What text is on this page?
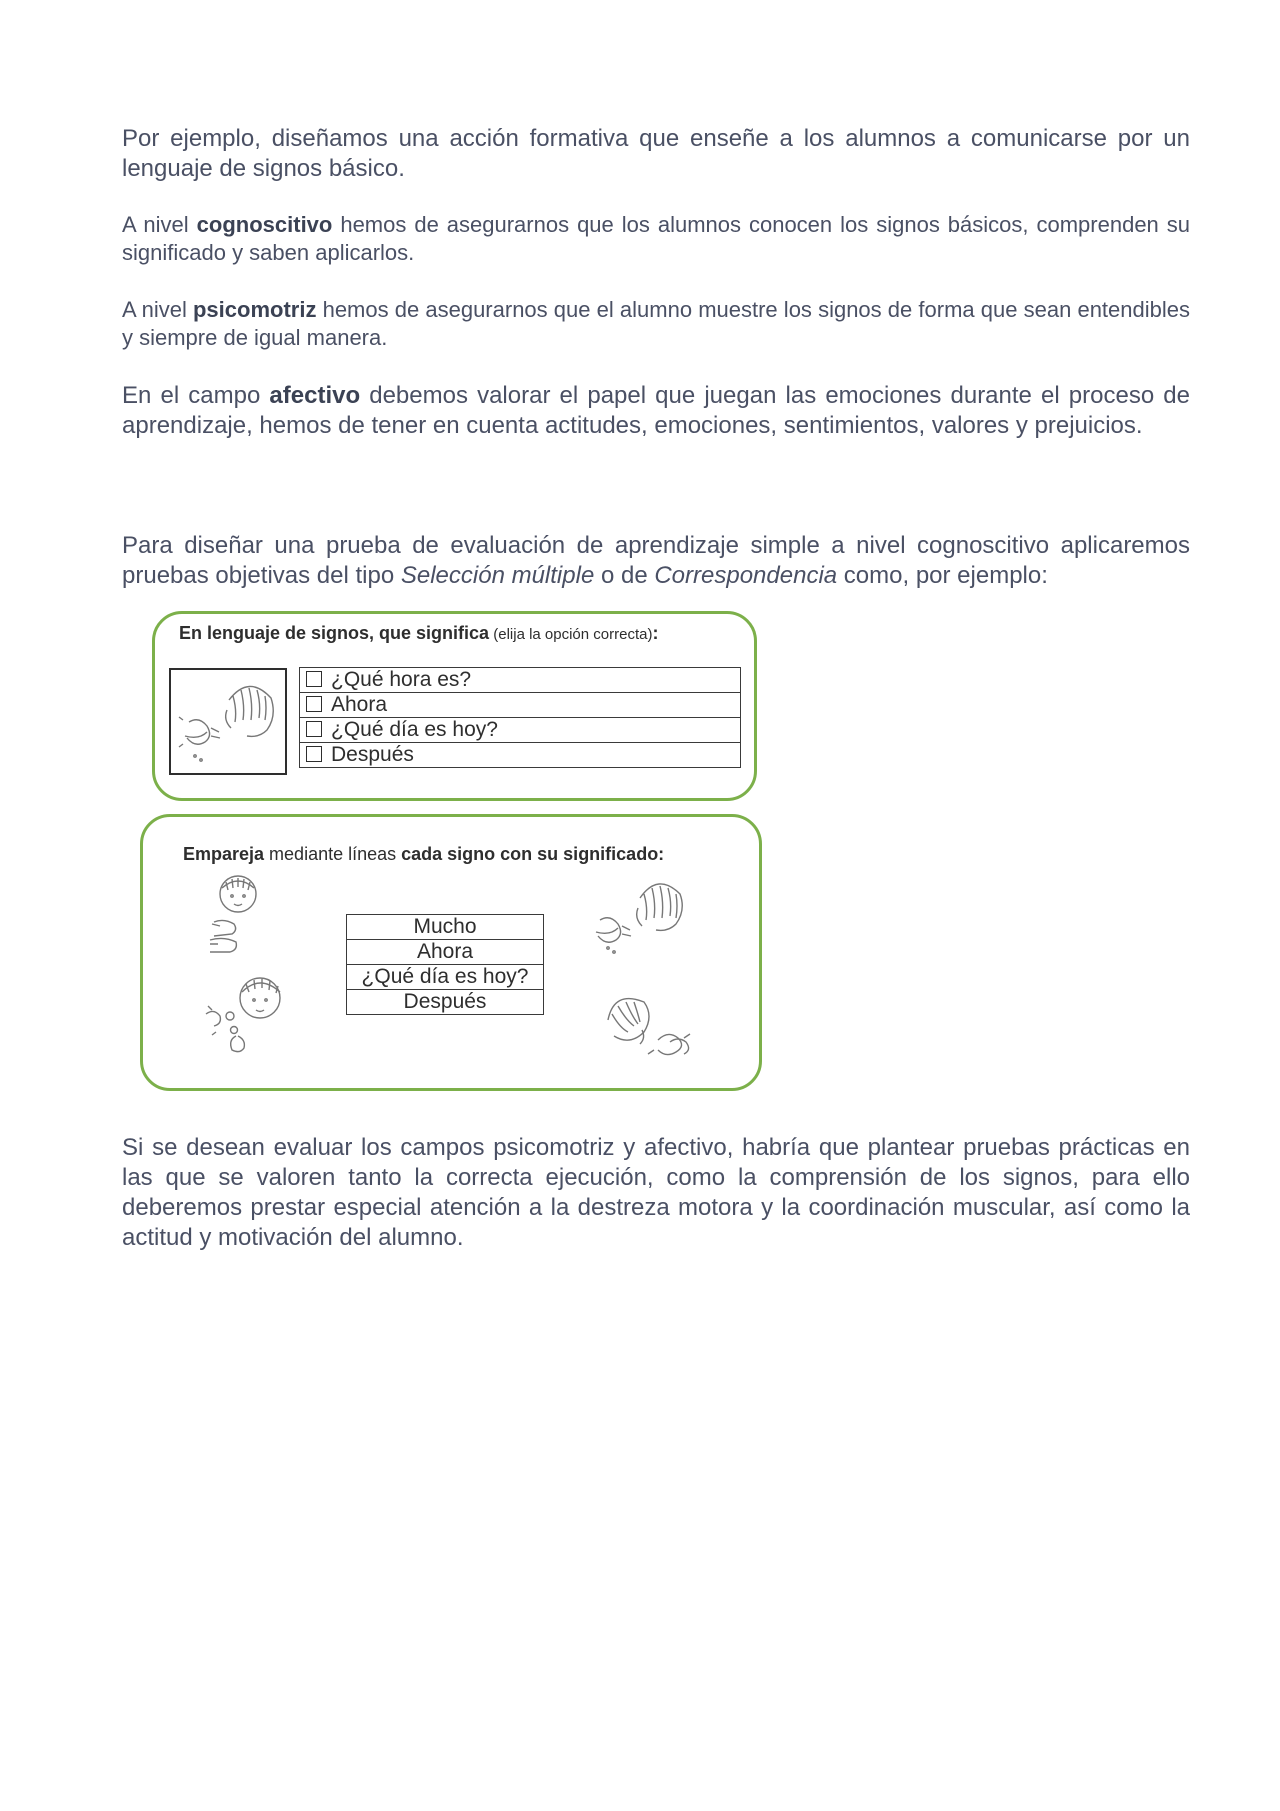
Por ejemplo, diseñamos una acción formativa que enseñe a los alumnos a comunicarse por un lenguaje de signos básico.

A nivel cognoscitivo hemos de asegurarnos que los alumnos conocen los signos básicos, comprenden su significado y saben aplicarlos.

A nivel psicomotriz hemos de asegurarnos que el alumno muestre los signos de forma que sean entendibles y siempre de igual manera.

En el campo afectivo debemos valorar el papel que juegan las emociones durante el proceso de aprendizaje, hemos de tener en cuenta actitudes, emociones, sentimientos, valores y prejuicios.

Para diseñar una prueba de evaluación de aprendizaje simple a nivel cognoscitivo aplicaremos pruebas objetivas del tipo Selección múltiple o de Correspondencia como, por ejemplo:

En lenguaje de signos, que significa (elija la opción correcta):
¿Qué hora es?
Ahora
¿Qué día es hoy?
Después
Empareja mediante líneas cada signo con su significado:
Mucho
Ahora
¿Qué día es hoy?
Después

Si se desean evaluar los campos psicomotriz y afectivo, habría que plantear pruebas prácticas en las que se valoren tanto la correcta ejecución, como la comprensión de los signos, para ello deberemos prestar especial atención a la destreza motora y la coordinación muscular, así como la actitud y motivación del alumno.
